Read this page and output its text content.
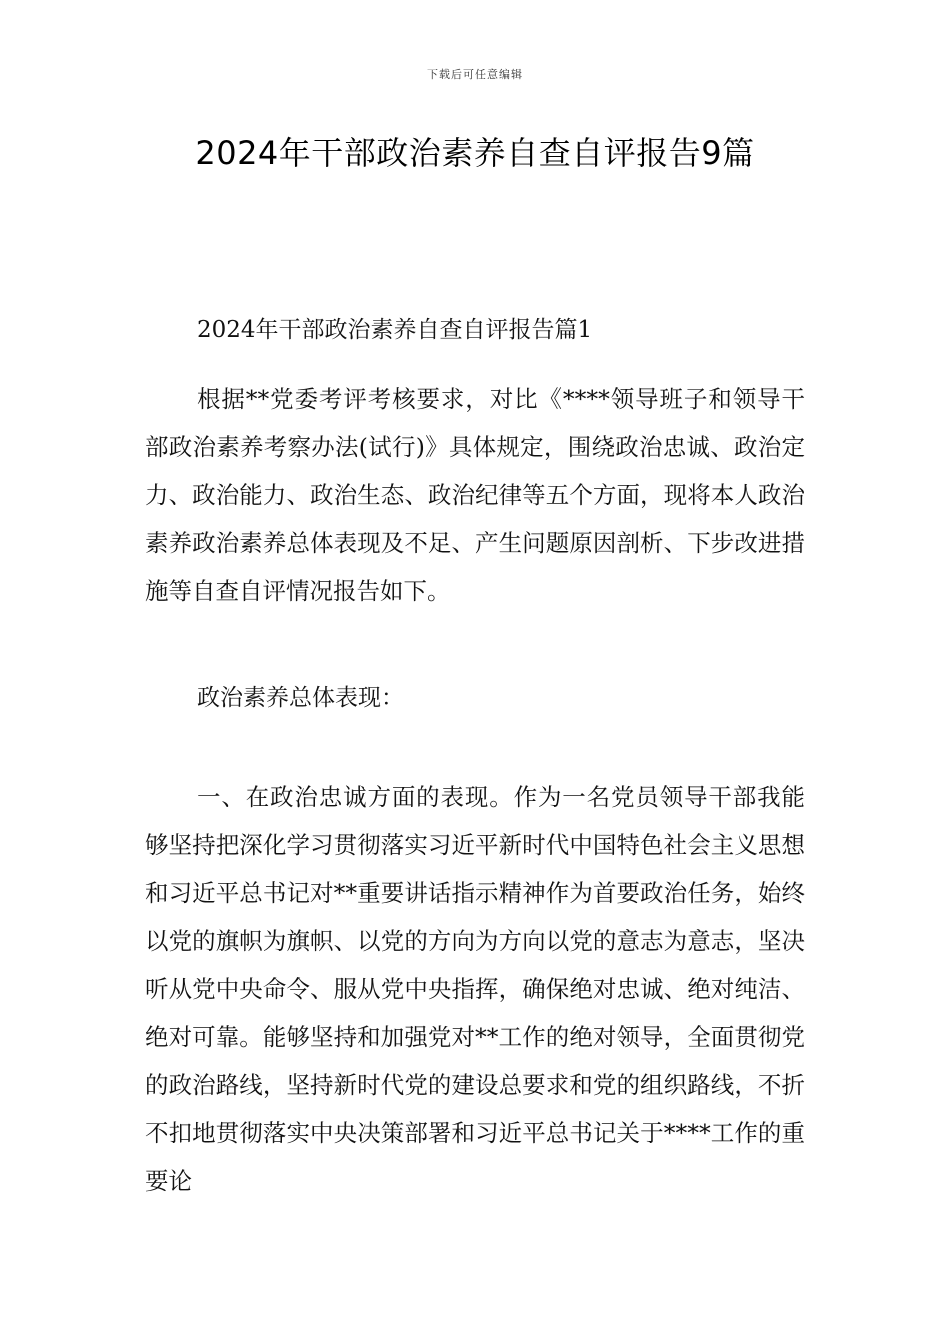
下载后可任意编辑
2024年干部政治素养自查自评报告9篇
2024年干部政治素养自查自评报告篇1

根据**党委考评考核要求，对比《****领导班子和领导干部政治素养考察办法(试行)》具体规定，围绕政治忠诚、政治定力、政治能力、政治生态、政治纪律等五个方面，现将本人政治素养政治素养总体表现及不足、产生问题原因剖析、下步改进措施等自查自评情况报告如下。

政治素养总体表现：

一、在政治忠诚方面的表现。作为一名党员领导干部我能够坚持把深化学习贯彻落实习近平新时代中国特色社会主义思想和习近平总书记对**重要讲话指示精神作为首要政治任务，始终以党的旗帜为旗帜、以党的方向为方向以党的意志为意志，坚决听从党中央命令、服从党中央指挥，确保绝对忠诚、绝对纯洁、绝对可靠。能够坚持和加强党对**工作的绝对领导，全面贯彻党的政治路线，坚持新时代党的建设总要求和党的组织路线，不折不扣地贯彻落实中央决策部署和习近平总书记关于****工作的重要论
